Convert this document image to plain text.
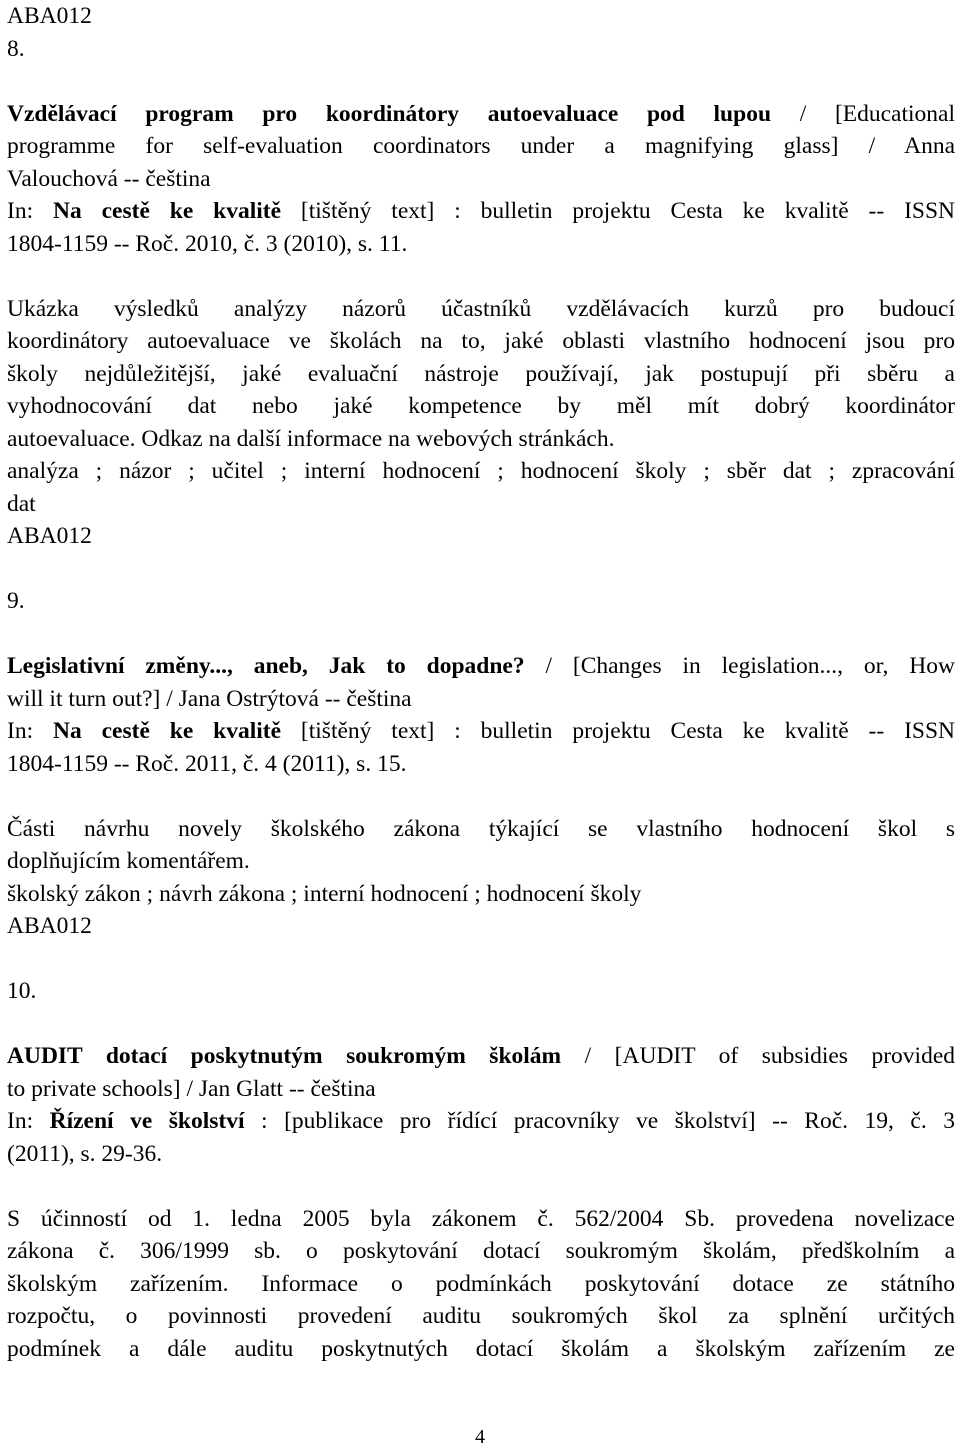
ABA012
8.
Vzdělávací program pro koordinátory autoevaluace pod lupou / [Educational
programme for self-evaluation coordinators under a magnifying glass] / Anna
Valouchová -- čeština
In: Na cestě ke kvalitě [tištěný text] : bulletin projektu Cesta ke kvalitě -- ISSN
1804-1159 -- Roč. 2010, č. 3 (2010), s. 11.
Ukázka výsledků analýzy názorů účastníků vzdělávacích kurzů pro budoucí
koordinátory autoevaluace ve školách na to, jaké oblasti vlastního hodnocení jsou pro
školy nejdůležitější, jaké evaluační nástroje používají, jak postupují při sběru a
vyhodnocování dat nebo jaké kompetence by měl mít dobrý koordinátor
autoevaluace. Odkaz na další informace na webových stránkách.
analýza ; názor ; učitel ; interní hodnocení ; hodnocení školy ; sběr dat ; zpracování
dat
ABA012
9.
Legislativní změny..., aneb, Jak to dopadne? / [Changes in legislation..., or, How
will it turn out?] / Jana Ostrýtová -- čeština
In: Na cestě ke kvalitě [tištěný text] : bulletin projektu Cesta ke kvalitě -- ISSN
1804-1159 -- Roč. 2011, č. 4 (2011), s. 15.
Části návrhu novely školského zákona týkající se vlastního hodnocení škol s
doplňujícím komentářem.
školský zákon ; návrh zákona ; interní hodnocení ; hodnocení školy
ABA012
10.
AUDIT dotací poskytnutým soukromým školám / [AUDIT of subsidies provided
to private schools] / Jan Glatt -- čeština
In: Řízení ve školství : [publikace pro řídící pracovníky ve školství] -- Roč. 19, č. 3
(2011), s. 29-36.
S účinností od 1. ledna 2005 byla zákonem č. 562/2004 Sb. provedena novelizace
zákona č. 306/1999 sb. o poskytování dotací soukromým školám, předškolním a
školským zařízením. Informace o podmínkách poskytování dotace ze státního
rozpočtu, o povinnosti provedení auditu soukromých škol za splnění určitých
podmínek a dále auditu poskytnutých dotací školám a školským zařízením ze
4
